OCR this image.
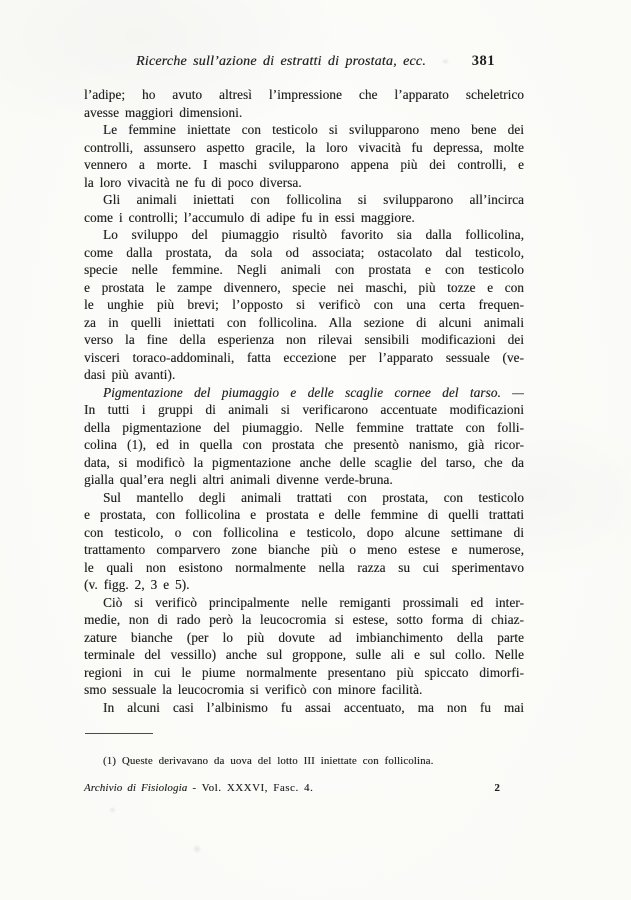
Ricerche sull’azione di estratti di prostata, ecc.	381
l’adipe; ho avuto altresì l’impressione che l’apparato scheletrico
avesse maggiori dimensioni.
Le femmine iniettate con testicolo si svilupparono meno bene dei
controlli, assunsero aspetto gracile, la loro vivacità fu depressa, molte
vennero a morte. I maschi svilupparono appena più dei controlli, e
la loro vivacità ne fu di poco diversa.
Gli animali iniettati con follicolina si svilupparono all’incirca
come i controlli; l’accumulo di adipe fu in essi maggiore.
Lo sviluppo del piumaggio risultò favorito sia dalla follicolina,
come dalla prostata, da sola od associata; ostacolato dal testicolo,
specie nelle femmine. Negli animali con prostata e con testicolo
e prostata le zampe divennero, specie nei maschi, più tozze e con
le unghie più brevi; l’opposto si verificò con una certa frequen-
za in quelli iniettati con follicolina. Alla sezione di alcuni animali
verso la fine della esperienza non rilevai sensibili modificazioni dei
visceri toraco-addominali, fatta eccezione per l’apparato sessuale (ve-
dasi più avanti).
Pigmentazione del piumaggio e delle scaglie cornee del tarso. —
In tutti i gruppi di animali si verificarono accentuate modificazioni
della pigmentazione del piumaggio. Nelle femmine trattate con folli-
colina (1), ed in quella con prostata che presentò nanismo, già ricor-
data, si modificò la pigmentazione anche delle scaglie del tarso, che da
gialla qual’era negli altri animali divenne verde-bruna.
Sul mantello degli animali trattati con prostata, con testicolo
e prostata, con follicolina e prostata e delle femmine di quelli trattati
con testicolo, o con follicolina e testicolo, dopo alcune settimane di
trattamento comparvero zone bianche più o meno estese e numerose,
le quali non esistono normalmente nella razza su cui sperimentavo
(v. figg. 2, 3 e 5).
Ciò si verificò principalmente nelle remiganti prossimali ed inter-
medie, non di rado però la leucocromia si estese, sotto forma di chiaz-
zature bianche (per lo più dovute ad imbianchimento della parte
terminale del vessillo) anche sul groppone, sulle ali e sul collo. Nelle
regioni in cui le piume normalmente presentano più spiccato dimorfi-
smo sessuale la leucocromia si verificò con minore facilità.
In alcuni casi l’albinismo fu assai accentuato, ma non fu mai
(1) Queste derivavano da uova del lotto III iniettate con follicolina.
Archivio di Fisiologia - Vol. XXXVI, Fasc. 4.	2
